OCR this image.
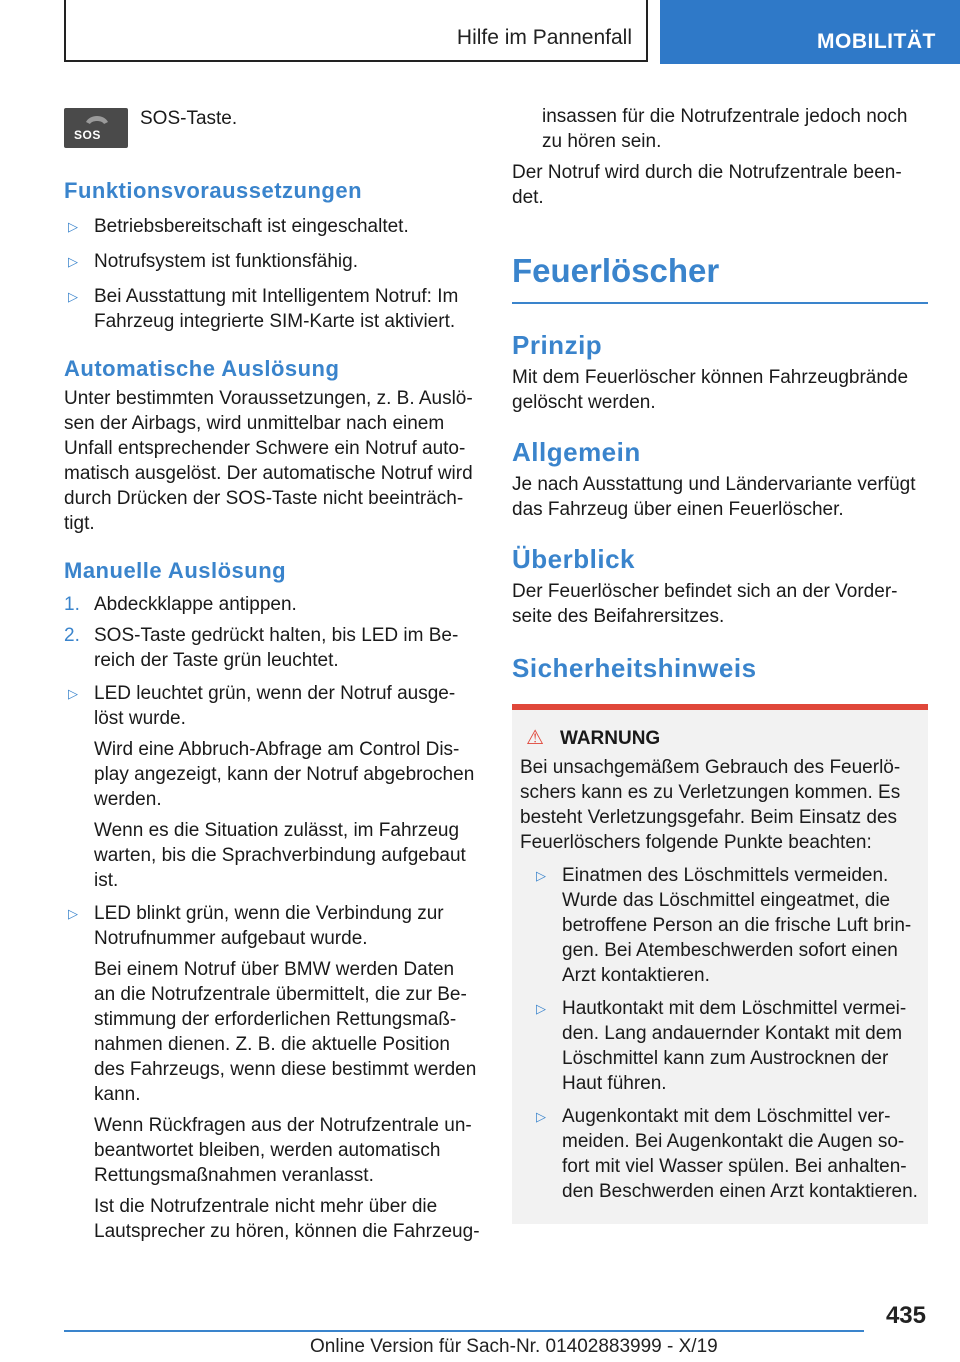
Hilfe im Pannenfall	MOBILITÄT
SOS

SOS-Taste.

Funktionsvoraussetzungen
▷ Betriebsbereitschaft ist eingeschaltet.
▷ Notrufsystem ist funktionsfähig.
▷ Bei Ausstattung mit Intelligentem Notruf: Im Fahrzeug integrierte SIM-Karte ist aktiviert.
Automatische Auslösung

Unter bestimmten Voraussetzungen, z. B. Auslö-sen der Airbags, wird unmittelbar nach einem Unfall entsprechender Schwere ein Notruf auto-matisch ausgelöst. Der automatische Notruf wird durch Drücken der SOS-Taste nicht beeinträch-tigt.

Manuelle Auslösung
1. Abdeckklappe antippen.
2. SOS-Taste gedrückt halten, bis LED im Be-reich der Taste grün leuchtet.
▷ LED leuchtet grün, wenn der Notruf ausge-löst wurde.

Wird eine Abbruch-Abfrage am Control Dis-play angezeigt, kann der Notruf abgebrochen werden.

Wenn es die Situation zulässt, im Fahrzeug warten, bis die Sprachverbindung aufgebaut ist.

▷ LED blinkt grün, wenn die Verbindung zur Notrufnummer aufgebaut wurde.

Bei einem Notruf über BMW werden Daten an die Notrufzentrale übermittelt, die zur Be-stimmung der erforderlichen Rettungsmaß-nahmen dienen. Z. B. die aktuelle Position des Fahrzeugs, wenn diese bestimmt werden kann.

Wenn Rückfragen aus der Notrufzentrale un-beantwortet bleiben, werden automatisch Rettungsmaßnahmen veranlasst.

Ist die Notrufzentrale nicht mehr über die Lautsprecher zu hören, können die Fahrzeug-

insassen für die Notrufzentrale jedoch noch zu hören sein.

Der Notruf wird durch die Notrufzentrale been-det.

Feuerlöscher
Prinzip

Mit dem Feuerlöscher können Fahrzeugbrände gelöscht werden.

Allgemein

Je nach Ausstattung und Ländervariante verfügt das Fahrzeug über einen Feuerlöscher.

Überblick

Der Feuerlöscher befindet sich an der Vorder-seite des Beifahrersitzes.

Sicherheitshinweis

⚠ WARNUNG

Bei unsachgemäßem Gebrauch des Feuerlö-schers kann es zu Verletzungen kommen. Es besteht Verletzungsgefahr. Beim Einsatz des Feuerlöschers folgende Punkte beachten:

▷ Einatmen des Löschmittels vermeiden. Wurde das Löschmittel eingeatmet, die betroffene Person an die frische Luft brin-gen. Bei Atembeschwerden sofort einen Arzt kontaktieren.
▷ Hautkontakt mit dem Löschmittel vermei-den. Lang andauernder Kontakt mit dem Löschmittel kann zum Austrocknen der Haut führen.
▷ Augenkontakt mit dem Löschmittel ver-meiden. Bei Augenkontakt die Augen so-fort mit viel Wasser spülen. Bei anhalten-den Beschwerden einen Arzt kontaktieren.
435
Online Version für Sach-Nr. 01402883999 - X/19
